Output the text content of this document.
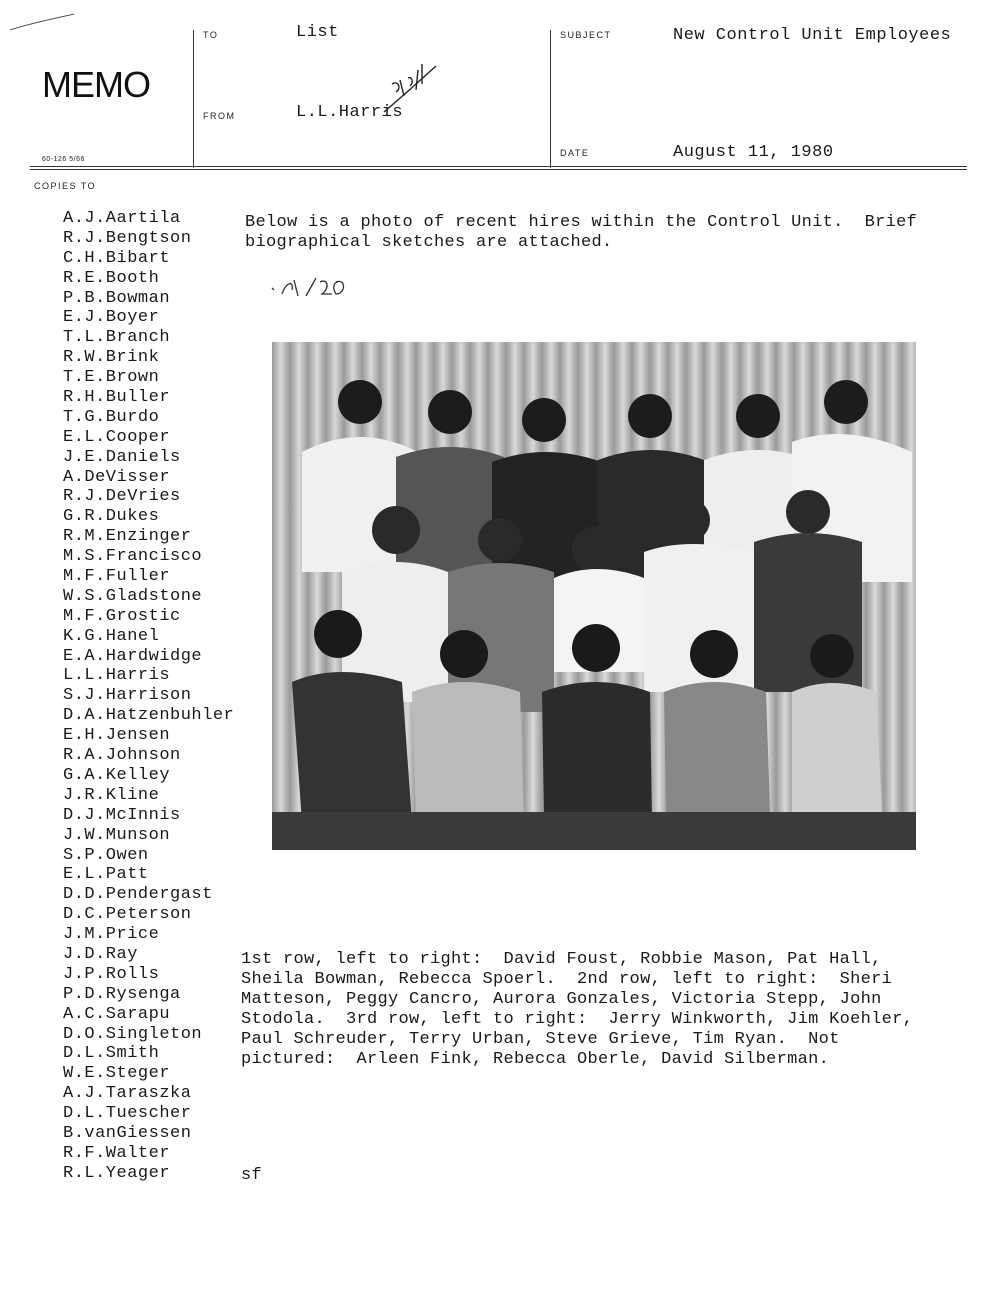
MEMO
60-126 5/66
TO	List
FROM	L.L.Harris
SUBJECT	New Control Unit Employees
DATE	August 11, 1980
COPIES TO
A.J.Aartila
R.J.Bengtson
C.H.Bibart
R.E.Booth
P.B.Bowman
E.J.Boyer
T.L.Branch
R.W.Brink
T.E.Brown
R.H.Buller
T.G.Burdo
E.L.Cooper
J.E.Daniels
A.DeVisser
R.J.DeVries
G.R.Dukes
R.M.Enzinger
M.S.Francisco
M.F.Fuller
W.S.Gladstone
M.F.Grostic
K.G.Hanel
E.A.Hardwidge
L.L.Harris
S.J.Harrison
D.A.Hatzenbuhler
E.H.Jensen
R.A.Johnson
G.A.Kelley
J.R.Kline
D.J.McInnis
J.W.Munson
S.P.Owen
E.L.Patt
D.D.Pendergast
D.C.Peterson
J.M.Price
J.D.Ray
J.P.Rolls
P.D.Rysenga
A.C.Sarapu
D.O.Singleton
D.L.Smith
W.E.Steger
A.J.Taraszka
D.L.Tuescher
B.vanGiessen
R.F.Walter
R.L.Yeager
Below is a photo of recent hires within the Control Unit.  Brief
biographical sketches are attached.
1st row, left to right:  David Foust, Robbie Mason, Pat Hall,
Sheila Bowman, Rebecca Spoerl.  2nd row, left to right:  Sheri
Matteson, Peggy Cancro, Aurora Gonzales, Victoria Stepp, John
Stodola.  3rd row, left to right:  Jerry Winkworth, Jim Koehler,
Paul Schreuder, Terry Urban, Steve Grieve, Tim Ryan.  Not
pictured:  Arleen Fink, Rebecca Oberle, David Silberman.
sf
